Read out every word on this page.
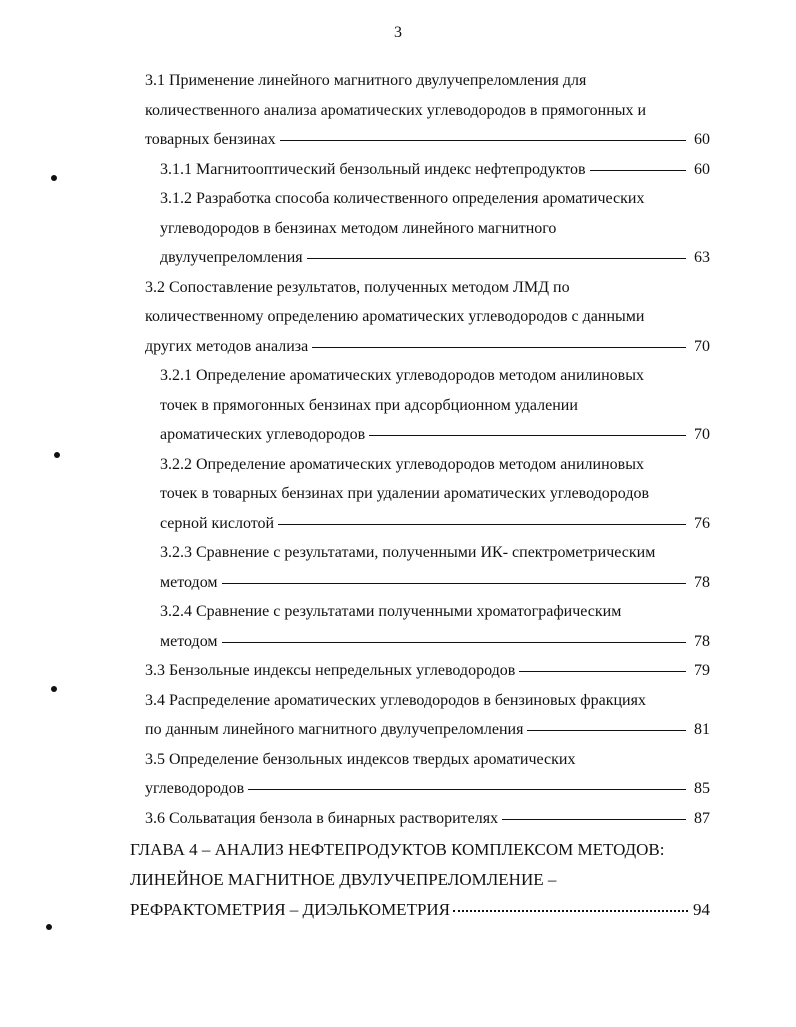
3
3.1 Применение линейного магнитного двулучепреломления для
количественного анализа ароматических углеводородов в прямогонных и
товарных бензинах	60
3.1.1 Магнитооптический бензольный индекс нефтепродуктов	60
3.1.2 Разработка способа количественного определения ароматических
углеводородов в бензинах методом линейного магнитного
двулучепреломления	63
3.2 Сопоставление результатов, полученных методом ЛМД по
количественному определению ароматических углеводородов с данными
других методов анализа	70
3.2.1 Определение ароматических углеводородов методом анилиновых
точек в прямогонных бензинах при адсорбционном удалении
ароматических углеводородов	70
3.2.2 Определение ароматических углеводородов методом анилиновых
точек в товарных бензинах при удалении ароматических углеводородов
серной кислотой	76
3.2.3 Сравнение с результатами, полученными ИК- спектрометрическим
методом	78
3.2.4 Сравнение с результатами полученными хроматографическим
методом	78
3.3 Бензольные индексы непредельных углеводородов	79
3.4 Распределение ароматических углеводородов в бензиновых фракциях
по данным линейного магнитного двулучепреломления	81
3.5 Определение бензольных индексов твердых ароматических
углеводородов	85
3.6 Сольватация бензола в бинарных растворителях	87
ГЛАВА 4 – АНАЛИЗ НЕФТЕПРОДУКТОВ КОМПЛЕКСОМ МЕТОДОВ:
ЛИНЕЙНОЕ МАГНИТНОЕ ДВУЛУЧЕПРЕЛОМЛЕНИЕ –
РЕФРАКТОМЕТРИЯ – ДИЭЛЬКОМЕТРИЯ	94
